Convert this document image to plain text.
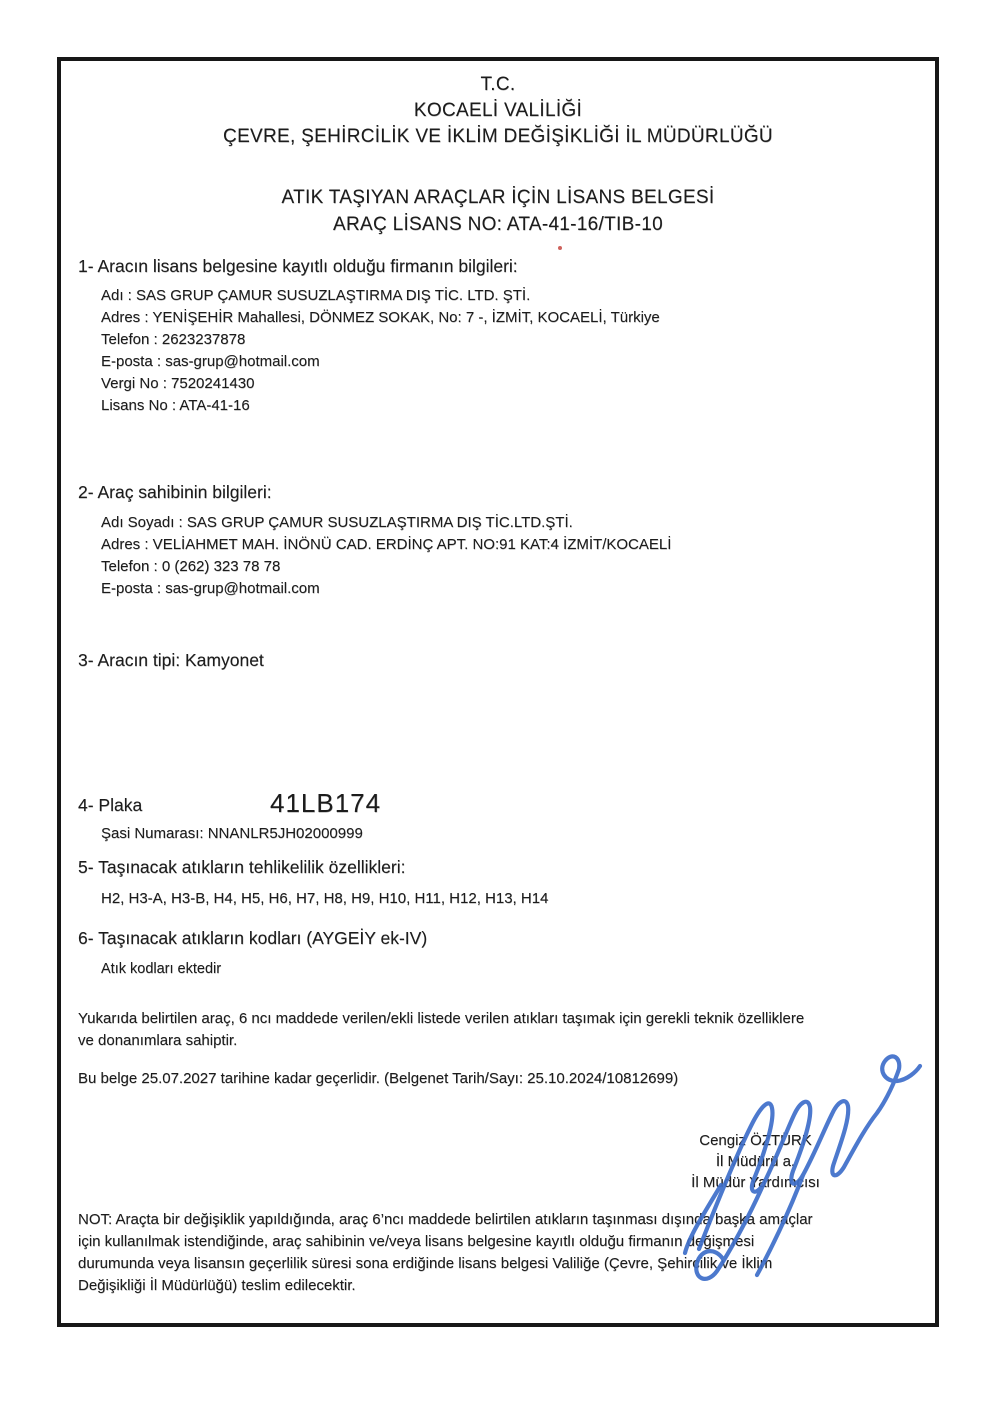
T.C.
KOCAELİ VALİLİĞİ
ÇEVRE, ŞEHİRCİLİK VE İKLİM DEĞİŞİKLİĞİ İL MÜDÜRLÜĞÜ
ATIK TAŞIYAN ARAÇLAR İÇİN LİSANS BELGESİ
ARAÇ LİSANS NO: ATA-41-16/TIB-10
1- Aracın lisans belgesine kayıtlı olduğu firmanın bilgileri:
Adı : SAS GRUP ÇAMUR SUSUZLAŞTIRMA DIŞ TİC. LTD. ŞTİ.
Adres : YENİŞEHİR Mahallesi, DÖNMEZ SOKAK, No: 7 -, İZMİT, KOCAELİ, Türkiye
Telefon : 2623237878
E-posta : sas-grup@hotmail.com
Vergi No : 7520241430
Lisans No : ATA-41-16
2- Araç sahibinin bilgileri:
Adı Soyadı : SAS GRUP ÇAMUR SUSUZLAŞTIRMA DIŞ TİC.LTD.ŞTİ.
Adres : VELİAHMET MAH. İNÖNÜ CAD. ERDİNÇ APT. NO:91 KAT:4 İZMİT/KOCAELİ
Telefon : 0 (262) 323 78 78
E-posta : sas-grup@hotmail.com
3- Aracın tipi: Kamyonet
4- Plaka	41LB174
Şasi Numarası: NNANLR5JH02000999
5- Taşınacak atıkların tehlikelilik özellikleri:
H2, H3-A, H3-B, H4, H5, H6, H7, H8, H9, H10, H11, H12, H13, H14
6- Taşınacak atıkların kodları (AYGEİY ek-IV)
Atık kodları ektedir
Yukarıda belirtilen araç, 6 ncı maddede verilen/ekli listede verilen atıkları taşımak için gerekli teknik özelliklere
ve donanımlara sahiptir.
Bu belge 25.07.2027 tarihine kadar geçerlidir. (Belgenet Tarih/Sayı: 25.10.2024/10812699)
Cengiz ÖZTÜRK
İl Müdürü a.
İl Müdür Yardımcısı
NOT: Araçta bir değişiklik yapıldığında, araç 6’ncı maddede belirtilen atıkların taşınması dışında başka amaçlar
için kullanılmak istendiğinde, araç sahibinin ve/veya lisans belgesine kayıtlı olduğu firmanın değişmesi
durumunda veya lisansın geçerlilik süresi sona erdiğinde lisans belgesi Valiliğe (Çevre, Şehircilik ve İklim
Değişikliği İl Müdürlüğü) teslim edilecektir.
